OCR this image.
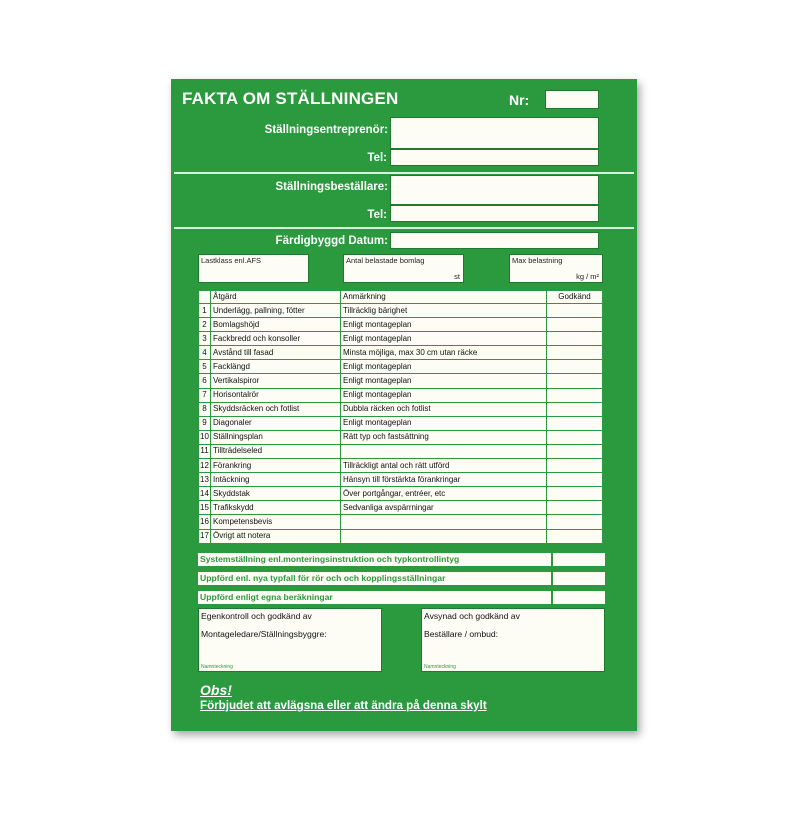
FAKTA OM STÄLLNINGEN	Nr:
Ställningsentreprenör:
Tel:
Ställningsbeställare:
Tel:
Färdigbyggd Datum:
Lastklass enl.AFS	Antal belastade bomlag
st
Max belastning
kg / m²
	Åtgärd	Anmärkning	Godkänd
1	Underlägg, pallning, fötter	Tillräcklig bärighet	
2	Bomlagshöjd	Enligt montageplan	
3	Fackbredd och konsoller	Enligt montageplan	
4	Avstånd till fasad	Minsta möjliga, max 30 cm utan räcke	
5	Facklängd	Enligt montageplan	
6	Vertikalspiror	Enligt montageplan	
7	Horisontalrör	Enligt montageplan	
8	Skyddsräcken och fotlist	Dubbla räcken och fotlist	
9	Diagonaler	Enligt montageplan	
10	Ställningsplan	Rätt typ och fastsättning	
11	Tillträdelseled		
12	Förankring	Tillräckligt antal och rätt utförd	
13	Intäckning	Hänsyn till förstärkta förankringar	
14	Skyddstak	Över portgångar, entréer, etc	
15	Trafikskydd	Sedvanliga avspärrningar	
16	Kompetensbevis		
17	Övrigt att notera		
Systemställning enl.monteringsinstruktion och typkontrollintyg
Uppförd enl. nya typfall för rör och och kopplingsställningar
Uppförd enligt egna beräkningar
Egenkontroll och godkänd av
Montageledare/Ställningsbyggre:
Namnteckning
Avsynad och godkänd av
Beställare / ombud:
Namnteckning
Obs!
Förbjudet att avlägsna eller att ändra på denna skylt
